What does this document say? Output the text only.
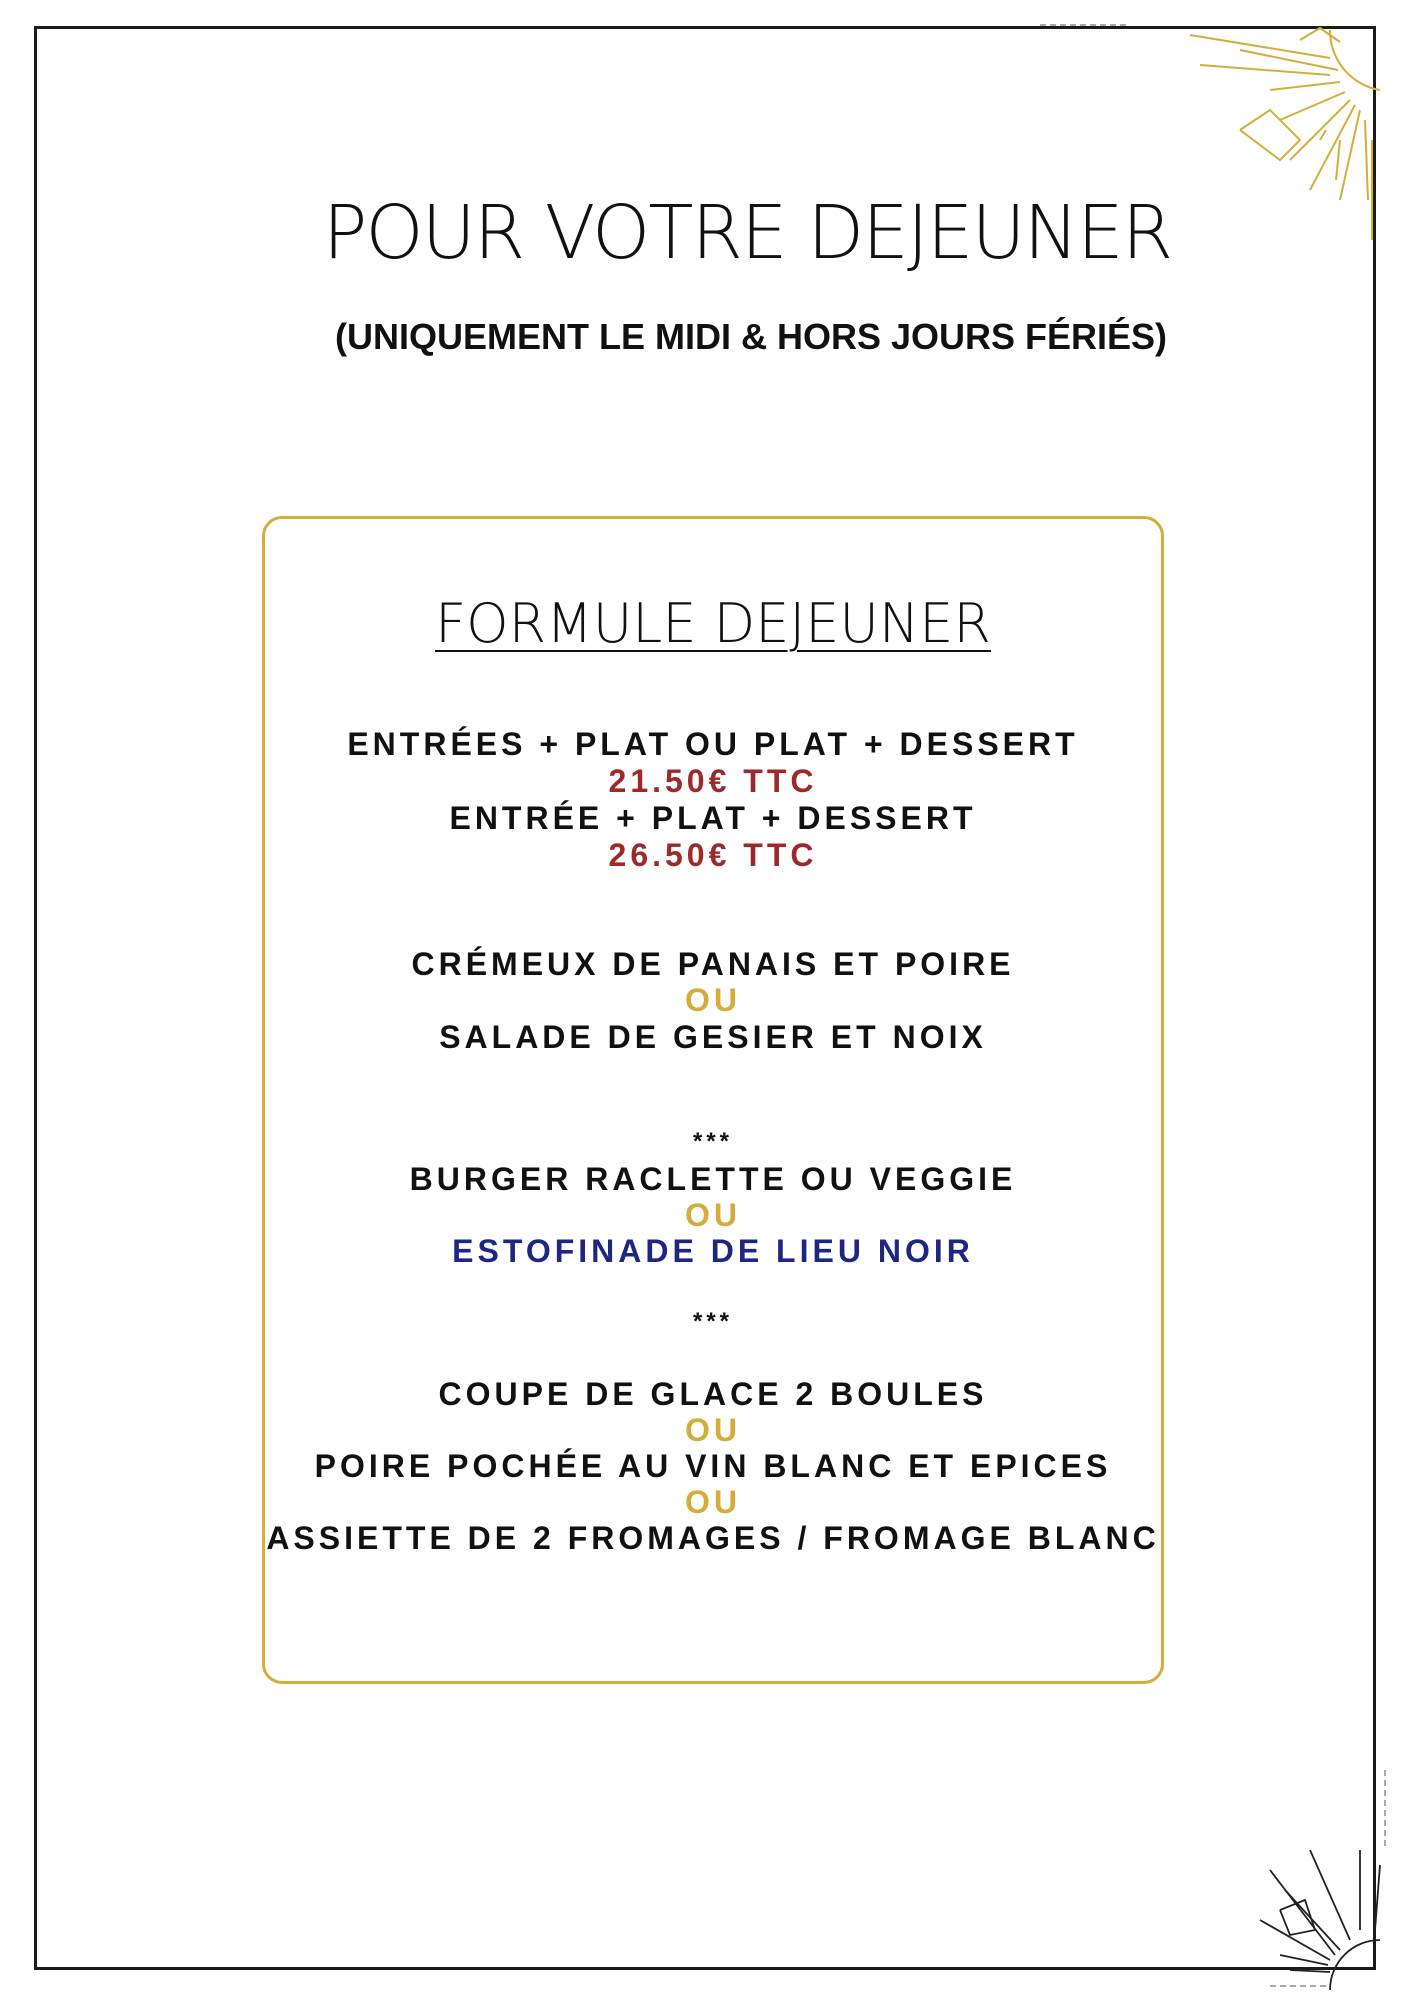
POUR VOTRE DEJEUNER
(UNIQUEMENT LE MIDI & HORS JOURS FÉRIÉS)
FORMULE DEJEUNER
ENTRÉES + PLAT OU PLAT + DESSERT
21.50€ TTC
ENTRÉE + PLAT + DESSERT
26.50€ TTC
CRÉMEUX DE PANAIS ET POIRE
OU
SALADE DE GESIER ET NOIX
***
BURGER RACLETTE OU VEGGIE
OU
ESTOFINADE DE LIEU NOIR
***
COUPE DE GLACE 2 BOULES
OU
POIRE POCHÉE AU VIN BLANC ET EPICES
OU
ASSIETTE DE 2 FROMAGES / FROMAGE BLANC
